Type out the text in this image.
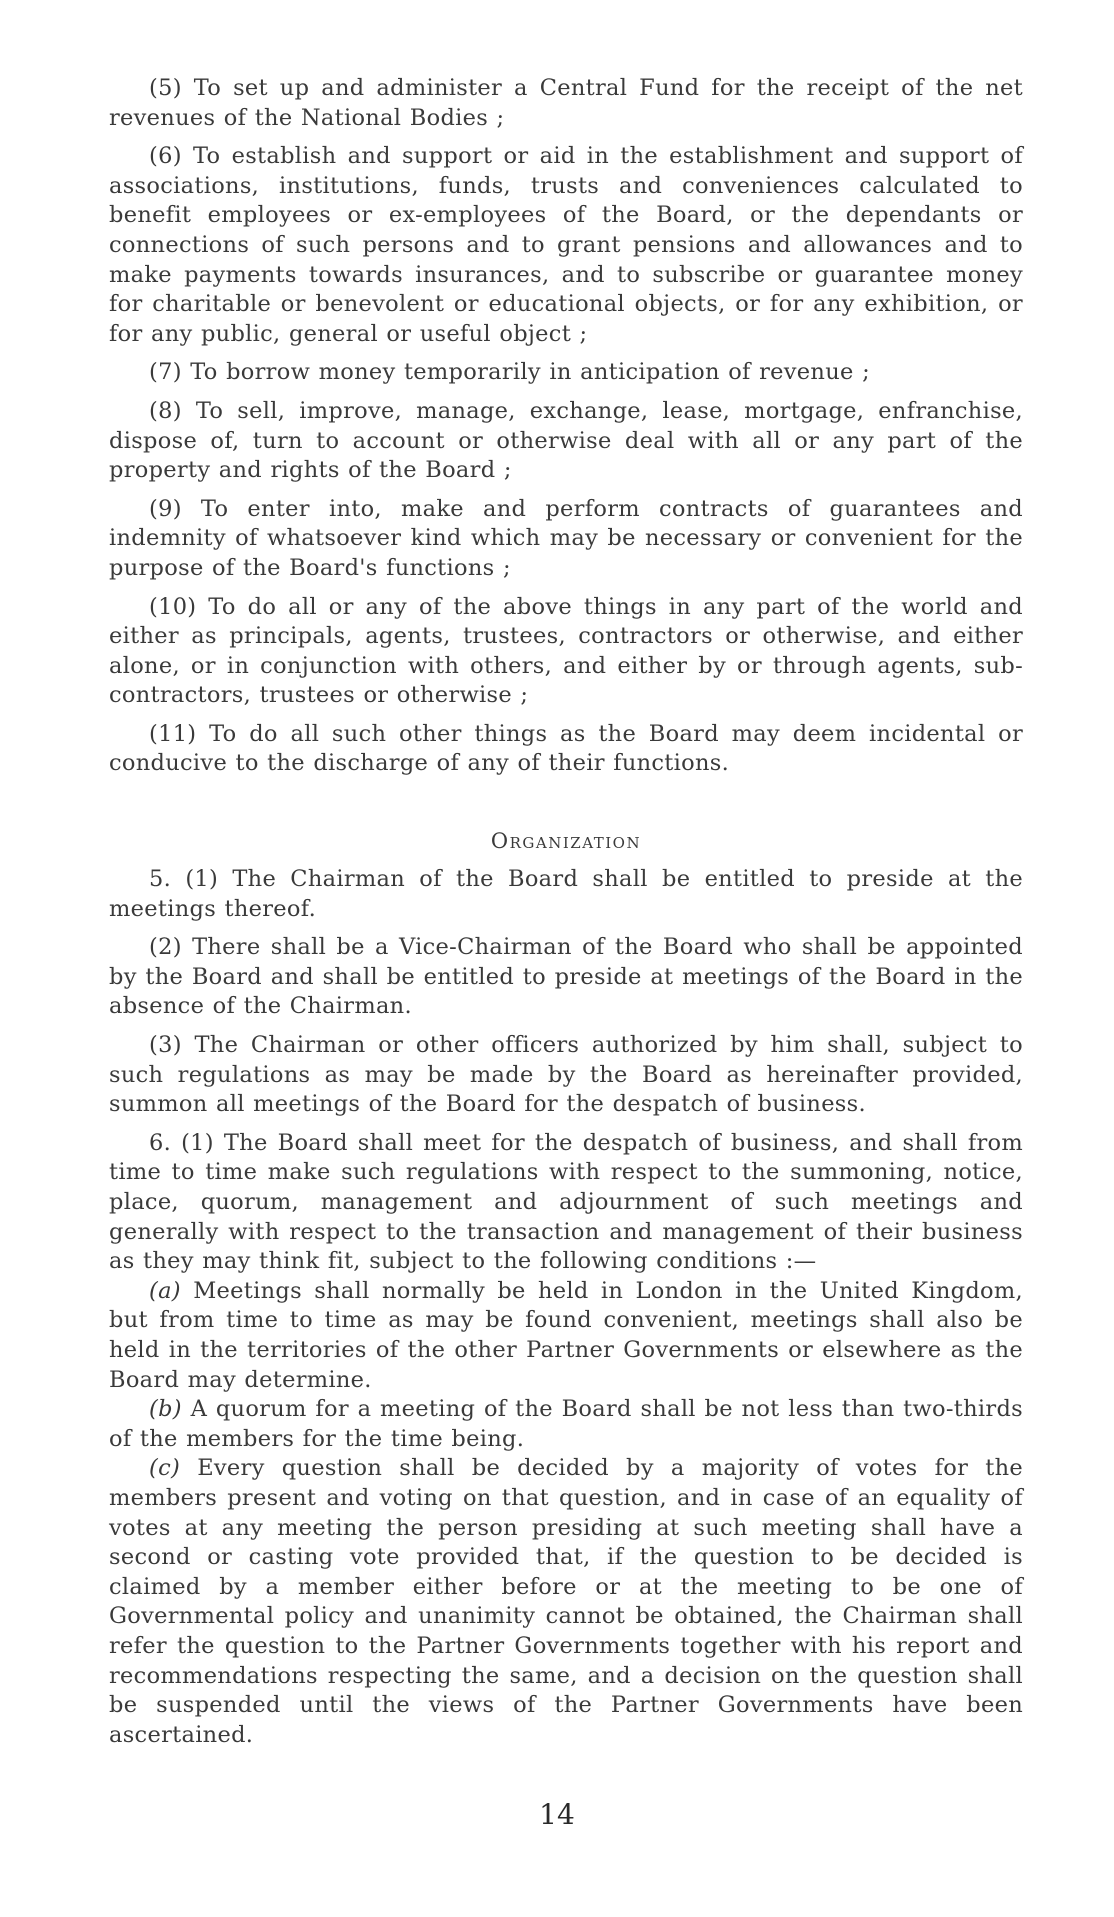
(5) To set up and administer a Central Fund for the receipt of the net revenues of the National Bodies ;

(6) To establish and support or aid in the establishment and support of associations, institutions, funds, trusts and conveniences calculated to benefit employees or ex-employees of the Board, or the dependants or connections of such persons and to grant pensions and allowances and to make payments towards insurances, and to subscribe or guarantee money for charitable or benevolent or educational objects, or for any exhibition, or for any public, general or useful object ;

(7) To borrow money temporarily in anticipation of revenue ;

(8) To sell, improve, manage, exchange, lease, mortgage, enfranchise, dispose of, turn to account or otherwise deal with all or any part of the property and rights of the Board ;

(9) To enter into, make and perform contracts of guarantees and indemnity of whatsoever kind which may be necessary or convenient for the purpose of the Board's functions ;

(10) To do all or any of the above things in any part of the world and either as principals, agents, trustees, contractors or otherwise, and either alone, or in conjunction with others, and either by or through agents, sub-contractors, trustees or otherwise ;

(11) To do all such other things as the Board may deem incidental or conducive to the discharge of any of their functions.

Organization

5. (1) The Chairman of the Board shall be entitled to preside at the meetings thereof.

(2) There shall be a Vice-Chairman of the Board who shall be appointed by the Board and shall be entitled to preside at meetings of the Board in the absence of the Chairman.

(3) The Chairman or other officers authorized by him shall, subject to such regulations as may be made by the Board as hereinafter provided, summon all meetings of the Board for the despatch of business.

6. (1) The Board shall meet for the despatch of business, and shall from time to time make such regulations with respect to the summoning, notice, place, quorum, management and adjournment of such meetings and generally with respect to the transaction and management of their business as they may think fit, subject to the following conditions :—

(a) Meetings shall normally be held in London in the United Kingdom, but from time to time as may be found convenient, meetings shall also be held in the territories of the other Partner Governments or elsewhere as the Board may determine.

(b) A quorum for a meeting of the Board shall be not less than two-thirds of the members for the time being.

(c) Every question shall be decided by a majority of votes for the members present and voting on that question, and in case of an equality of votes at any meeting the person presiding at such meeting shall have a second or casting vote provided that, if the question to be decided is claimed by a member either before or at the meeting to be one of Governmental policy and unanimity cannot be obtained, the Chairman shall refer the question to the Partner Governments together with his report and recommendations respecting the same, and a decision on the question shall be suspended until the views of the Partner Governments have been ascertained.

14
